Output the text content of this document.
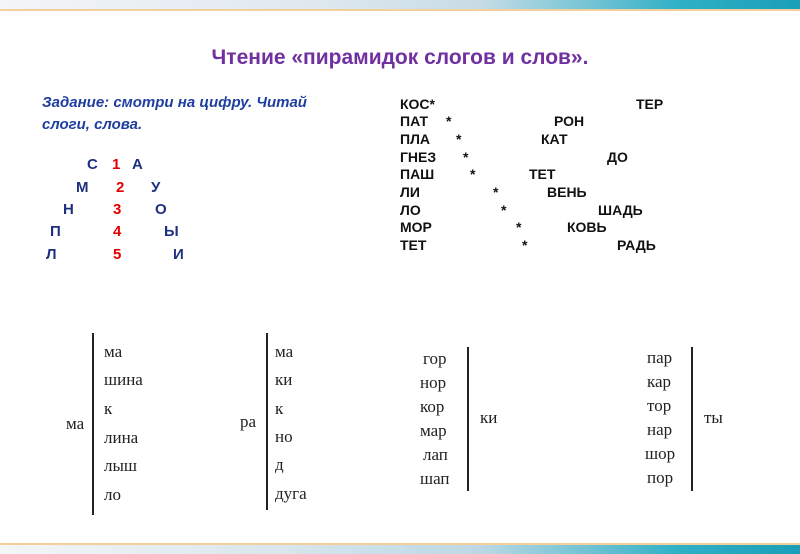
Чтение «пирамидок слогов и слов».
Задание: смотри на цифру. Читай
слоги, слова.
С 1 А
М 2 У
Н	3 О
П	4	Ы
Л	5	И
КОС*	ТЕР
ПАТ *	РОН
ПЛА *	КАТ
ГНЕЗ *	ДО
ПАШ	*	ТЕТ
ЛИ	*	ВЕНЬ
ЛО	*	ШАДЬ
МОР	*	КОВЬ
ТЕТ	*	РАДЬ
ма
ма
шина
к
лина
лыш
ло
ра
ма
ки
к
но
д
дуга
гор
нор
кор
мар
лап
шап
ки
пар
кар
тор
нар
шор
пор
ты
